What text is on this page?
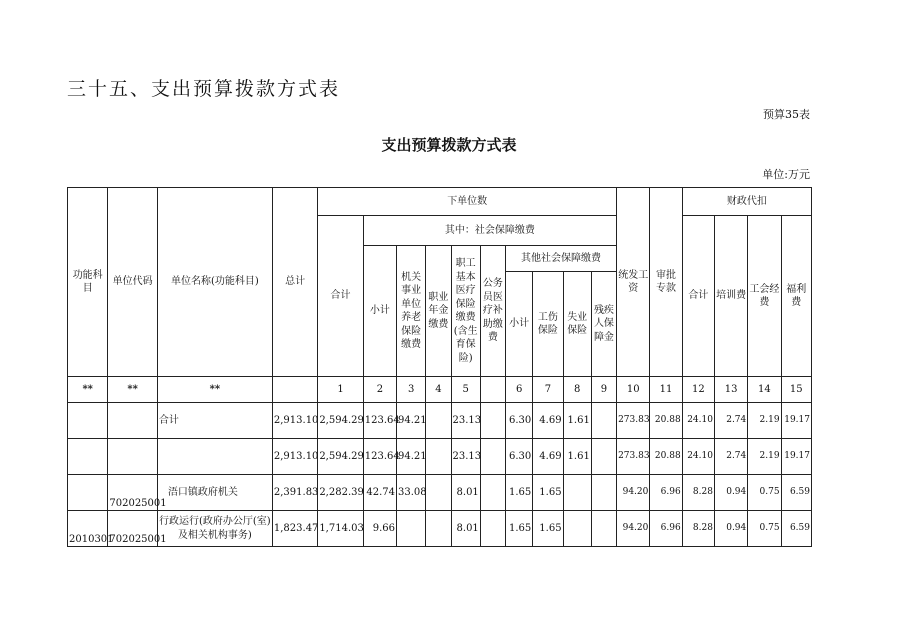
三十五、支出预算拨款方式表
预算35表
支出预算拨款方式表
单位:万元
功能科目	单位代码	单位名称(功能科目)	总计	下单位数										统发工资	审批专款	财政代扣			
				合计	其中：社会保障缴费											合计	培训费	工会经费	福利费
					小计	机关事业单位养老保险缴费	职业年金缴费	职工基本医疗保险缴费(含生育保险)	公务员医疗补助缴费	其他社会保障缴费									
										小计	工伤保险	失业保险	残疾人保障金						
**	**	**		1	2	3	4	5		6	7	8	9	10	11	12	13	14	15
		合计	2,913.10	2,594.29	123.64	94.21		23.13		6.30	4.69	1.61		273.83	20.88	24.10	2.74	2.19	19.17
			2,913.10	2,594.29	123.64	94.21		23.13		6.30	4.69	1.61		273.83	20.88	24.10	2.74	2.19	19.17
	702025001	浯口镇政府机关	2,391.83	2,282.39	42.74	33.08		8.01		1.65	1.65			94.20	6.96	8.28	0.94	0.75	6.59
2010301	702025001	行政运行(政府办公厅(室)及相关机构事务)	1,823.47	1,714.03	9.66			8.01		1.65	1.65			94.20	6.96	8.28	0.94	0.75	6.59
